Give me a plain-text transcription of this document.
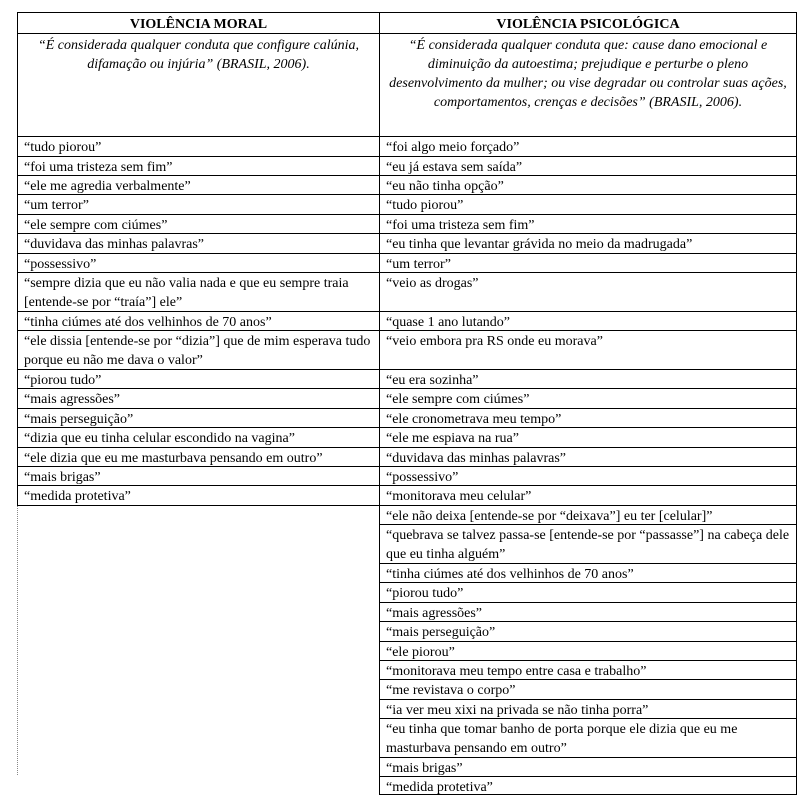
VIOLÊNCIA MORAL
“É considerada qualquer conduta que configure calúnia, difamação ou injúria” (BRASIL, 2006).
“tudo piorou”
“foi uma tristeza sem fim”
“ele me agredia verbalmente”
“um terror”
“ele sempre com ciúmes”
“duvidava das minhas palavras”
“possessivo”
“sempre dizia que eu não valia nada e que eu sempre traia [entende-se por “traía”] ele”
“tinha ciúmes até dos velhinhos de 70 anos”
“ele dissia [entende-se por “dizia”] que de mim esperava tudo porque eu não me dava o valor”
“piorou tudo”
“mais agressões”
“mais perseguição”
“dizia que eu tinha celular escondido na vagina”
“ele dizia que eu me masturbava pensando em outro”
“mais brigas”
“medida protetiva”
VIOLÊNCIA PSICOLÓGICA
“É considerada qualquer conduta que: cause dano emocional e diminuição da autoestima; prejudique e perturbe o pleno desenvolvimento da mulher; ou vise degradar ou controlar suas ações, comportamentos, crenças e decisões” (BRASIL, 2006).
“foi algo meio forçado”
“eu já estava sem saída”
“eu não tinha opção”
“tudo piorou”
“foi uma tristeza sem fim”
“eu tinha que levantar grávida no meio da madrugada”
“um terror”
“veio as drogas”
“quase 1 ano lutando”
“veio embora pra RS onde eu morava”
“eu era sozinha”
“ele sempre com ciúmes”
“ele cronometrava meu tempo”
“ele me espiava na rua”
“duvidava das minhas palavras”
“possessivo”
“monitorava meu celular”
“ele não deixa [entende-se por “deixava”] eu ter [celular]”
“quebrava se talvez passa-se [entende-se por “passasse”] na cabeça dele que eu tinha alguém”
“tinha ciúmes até dos velhinhos de 70 anos”
“piorou tudo”
“mais agressões”
“mais perseguição”
“ele piorou”
“monitorava meu tempo entre casa e trabalho”
“me revistava o corpo”
“ia ver meu xixi na privada se não tinha porra”
“eu tinha que tomar banho de porta porque ele dizia que eu me masturbava pensando em outro”
“mais brigas”
“medida protetiva”
